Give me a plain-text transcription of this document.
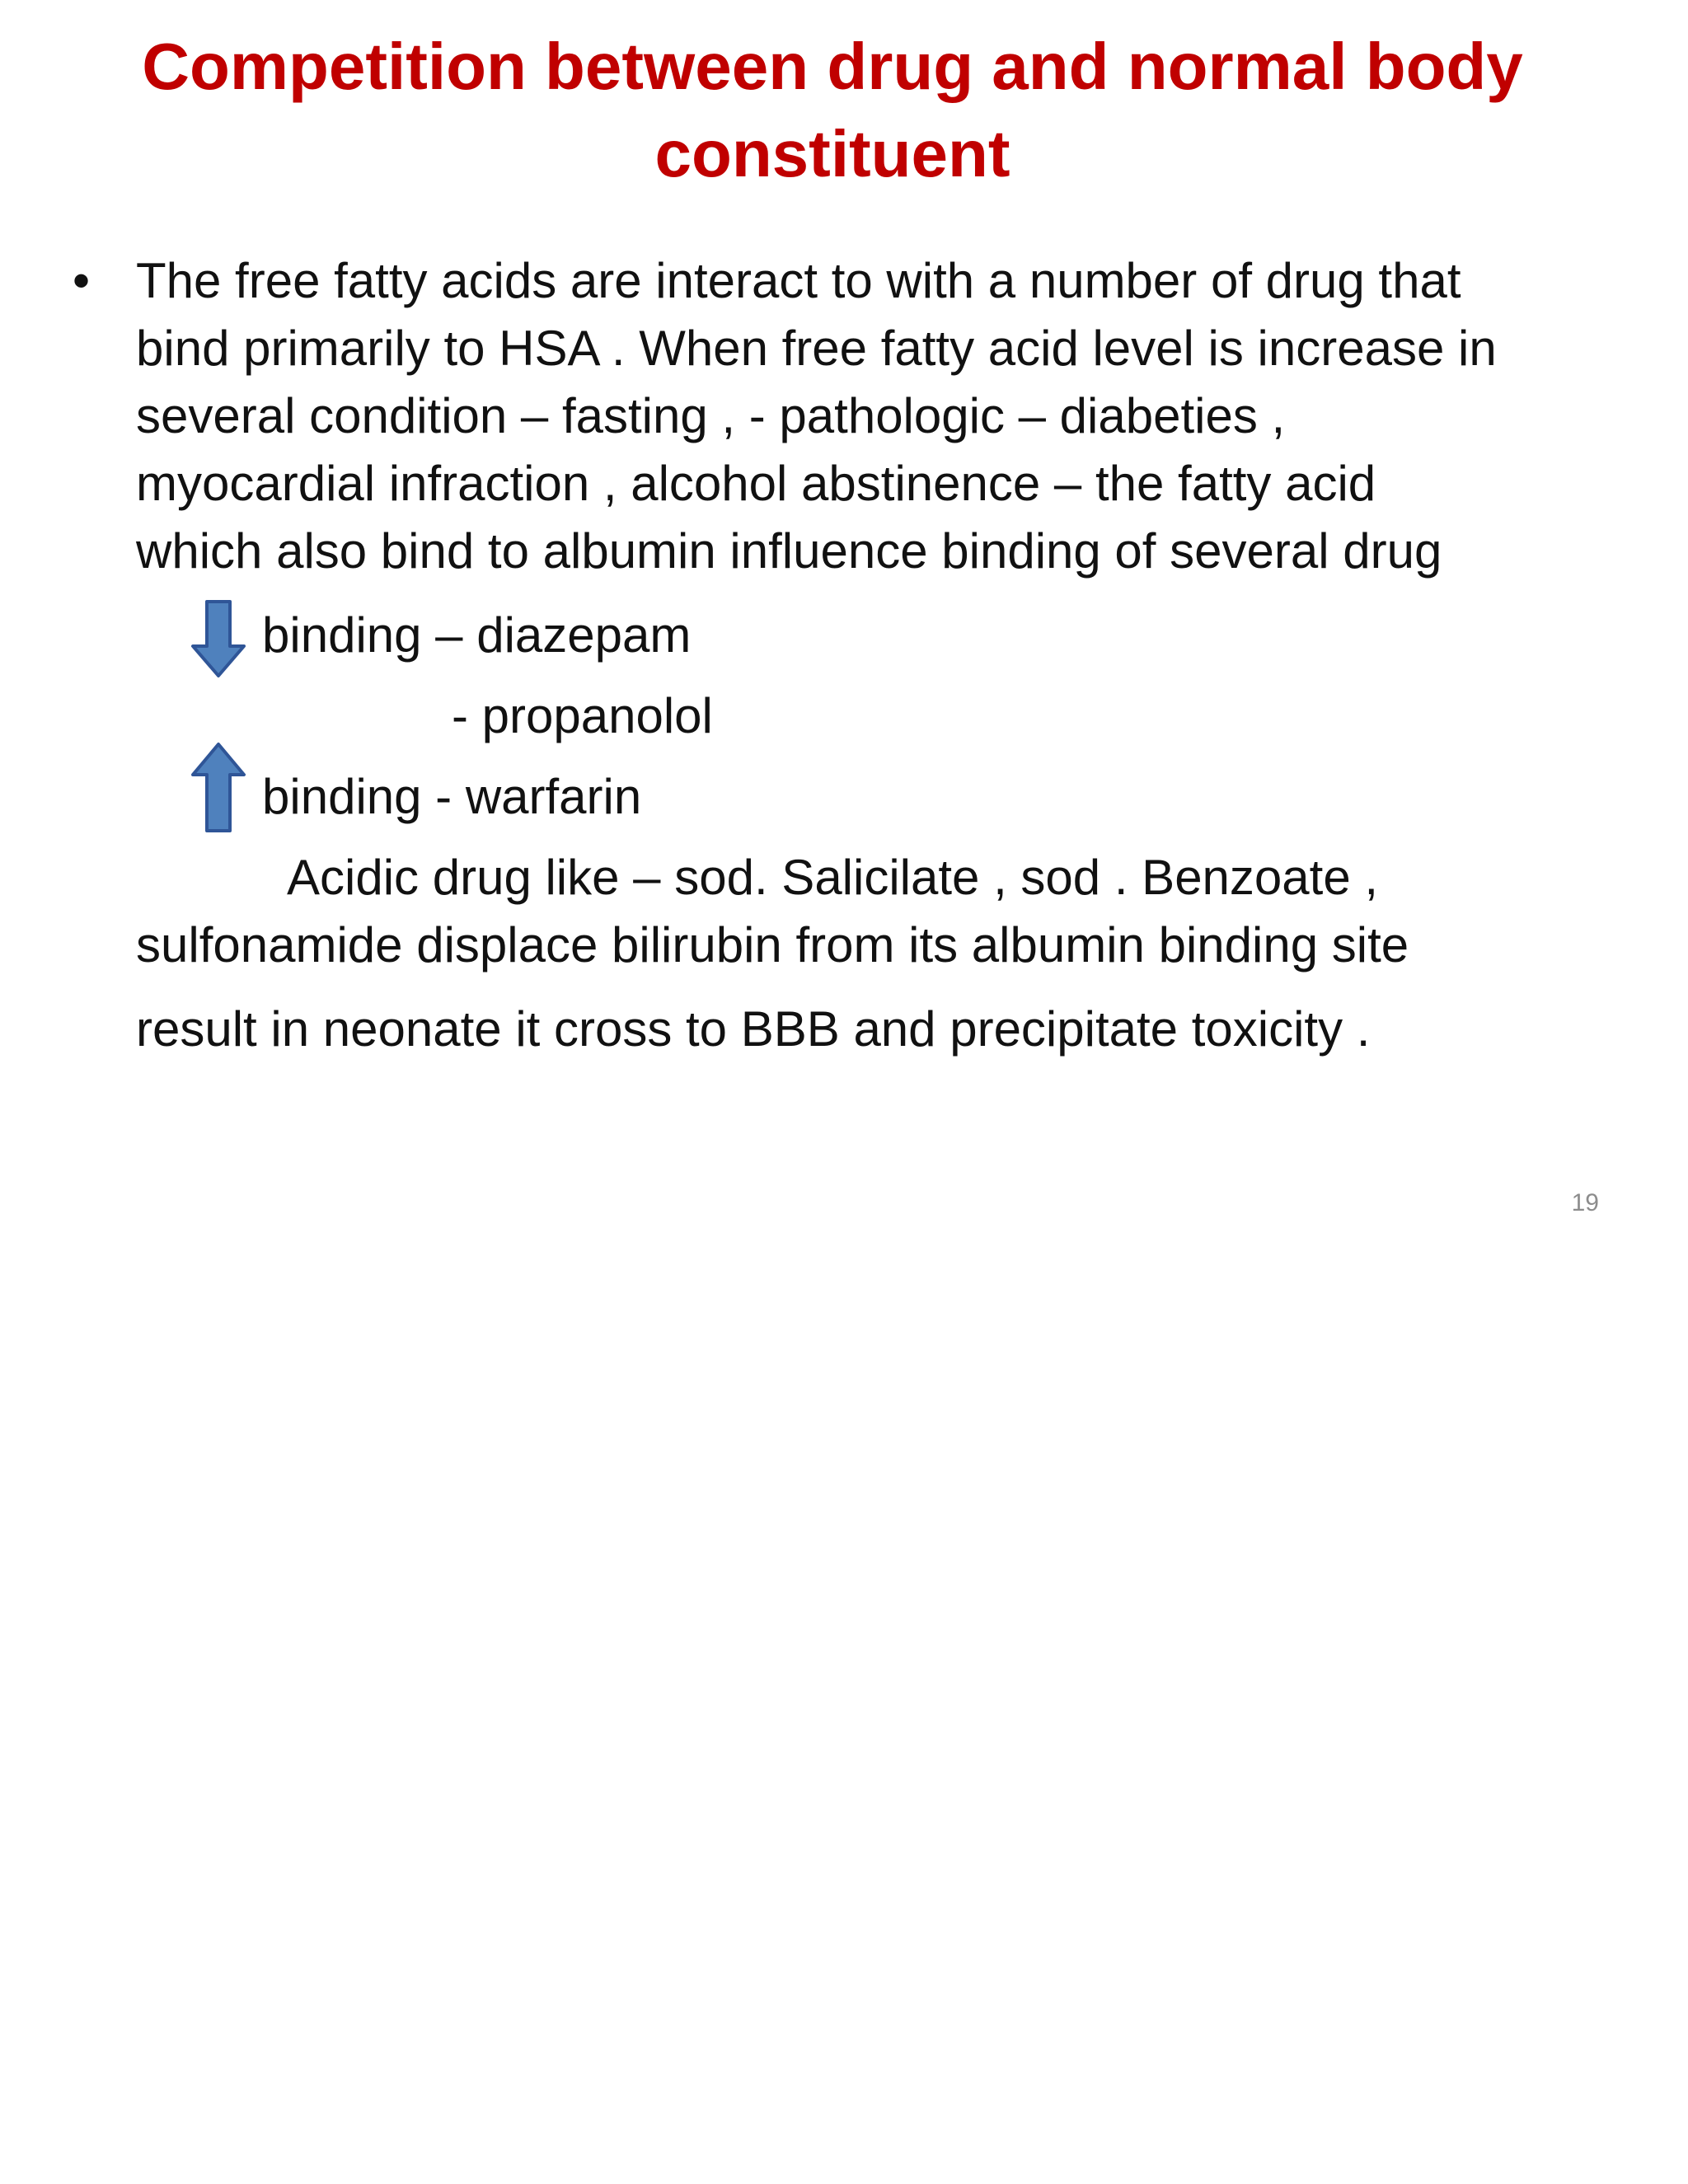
Competition between drug and normal body constituent
• The free fatty acids are interact to with a number of drug that
bind primarily to HSA . When free fatty acid level is increase in
several condition – fasting , - pathologic – diabeties ,
myocardial infraction , alcohol abstinence – the fatty acid
which also bind to albumin influence binding of several drug
binding – diazepam
- propanolol
binding - warfarin
Acidic drug like – sod. Salicilate , sod . Benzoate ,
sulfonamide displace bilirubin from its albumin binding site
result in neonate it cross to BBB and precipitate toxicity .
19
